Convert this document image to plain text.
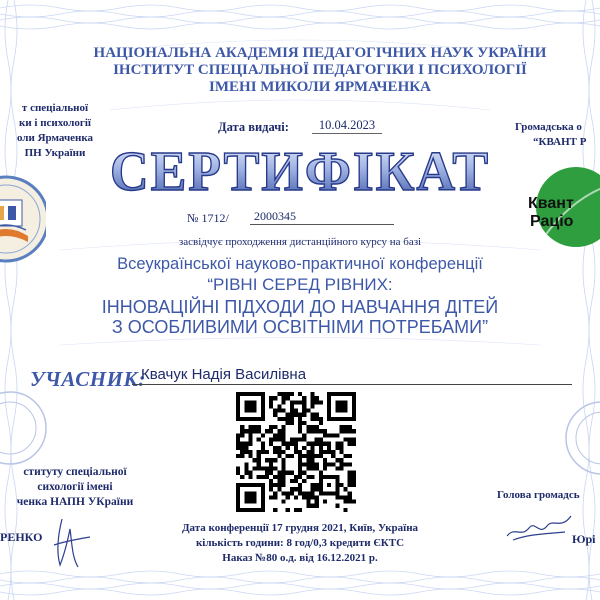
НАЦІОНАЛЬНА АКАДЕМІЯ ПЕДАГОГІЧНИХ НАУК УКРАЇНИ
ІНСТИТУТ СПЕЦІАЛЬНОЇ ПЕДАГОГІКИ І ПСИХОЛОГІЇ
ІМЕНІ МИКОЛИ ЯРМАЧЕНКА
т спеціальної
ки і психології
оли Ярмаченка
ПН України
Громадська о
“КВАНТ Р
Квант
Раціо
Дата видачі:	10.04.2023
СЕРТИФІКАТ
№ 1712/	2000345
засвідчує проходження дистанційного курсу на базі
Всеукраїнської науково-практичної конференції
“РІВНІ СЕРЕД РІВНИХ:
ІННОВАЦІЙНІ ПІДХОДИ ДО НАВЧАННЯ ДІТЕЙ
З ОСОБЛИВИМИ ОСВІТНІМИ ПОТРЕБАМИ”
УЧАСНИК:
Квачук Надія Василівна
ституту спеціальної
сихології імені
ченка НАПН УКраїни
РЕНКО
Голова громадсь
Юрі
Дата конференції 17 грудня 2021, Київ, Україна
кількість години: 8 год/0,3 кредити ЄКТС
Наказ №80 о.д. від 16.12.2021 р.
